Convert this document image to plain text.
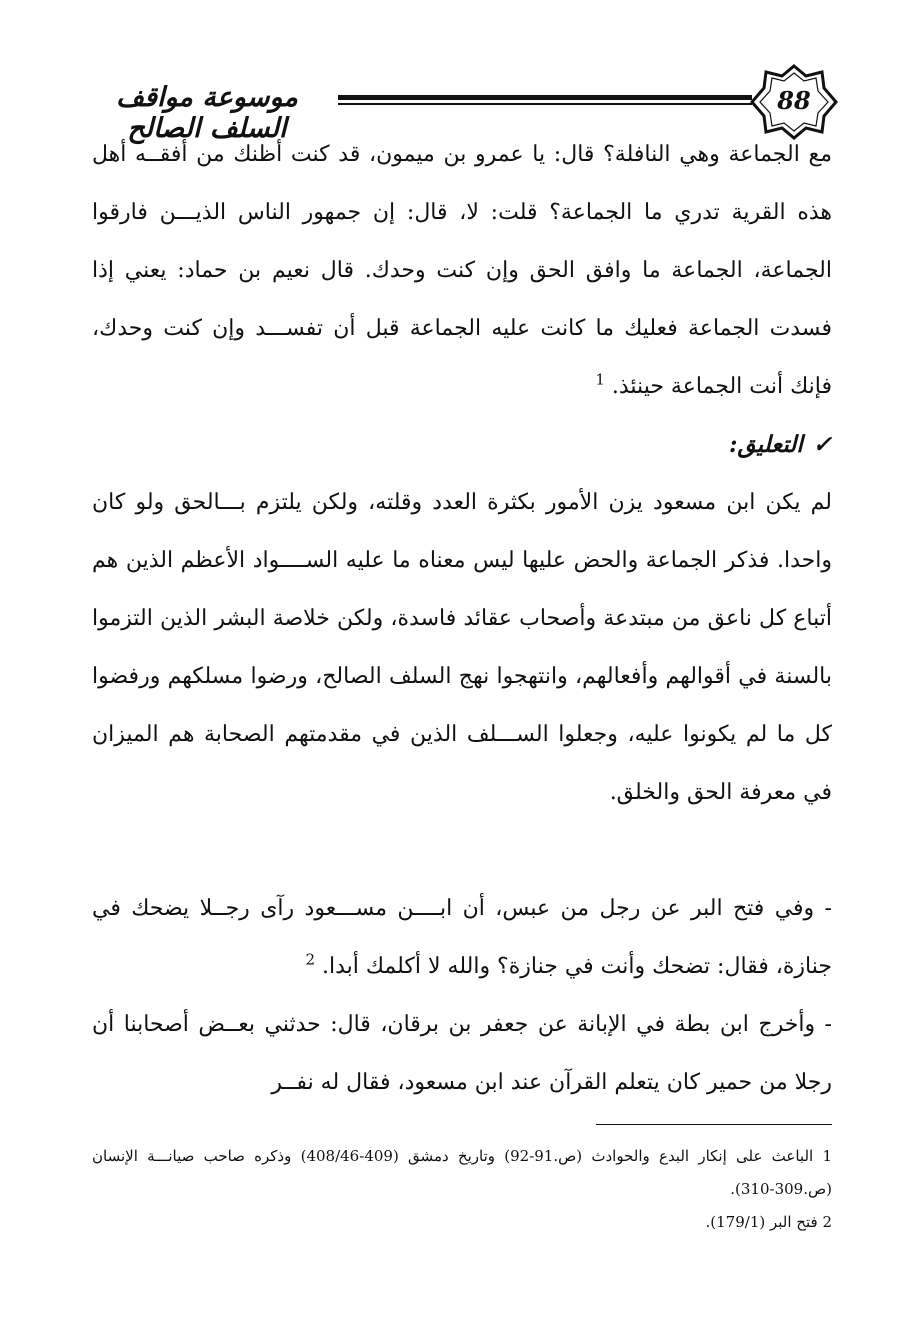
88
موسوعة مواقف السلف الصالح

مع الجماعة وهي النافلة؟ قال: يا عمرو بن ميمون، قد كنت أظنك من أفقــه أهل هذه القرية تدري ما الجماعة؟ قلت: لا، قال: إن جمهور الناس الذيـــن فارقوا الجماعة، الجماعة ما وافق الحق وإن كنت وحدك. قال نعيم بن حماد: يعني إذا فسدت الجماعة فعليك ما كانت عليه الجماعة قبل أن تفســـد وإن كنت وحدك، فإنك أنت الجماعة حينئذ. $^1$

✓التعليق:

لم يكن ابن مسعود يزن الأمور بكثرة العدد وقلته، ولكن يلتزم بـــالحق ولو كان واحدا. فذكر الجماعة والحض عليها ليس معناه ما عليه الســــواد الأعظم الذين هم أتباع كل ناعق من مبتدعة وأصحاب عقائد فاسدة، ولكن خلاصة البشر الذين التزموا بالسنة في أقوالهم وأفعالهم، وانتهجوا نهج السلف الصالح، ورضوا مسلكهم ورفضوا كل ما لم يكونوا عليه، وجعلوا الســـلف الذين في مقدمتهم الصحابة هم الميزان في معرفة الحق والخلق.

- وفي فتح البر عن رجل من عبس، أن ابــــن مســـعود رآى رجــلا يضحك في جنازة، فقال: تضحك وأنت في جنازة؟ والله لا أكلمك أبدا. $^2$

- وأخرج ابن بطة في الإبانة عن جعفر بن برقان، قال: حدثني بعــض أصحابنا أن رجلا من حمير كان يتعلم القرآن عند ابن مسعود، فقال له نفــر

1 الباعث على إنكار البدع والحوادث (ص.91-92) وتاريخ دمشق (409-408/46) وذكره صاحب صيانـــة الإنسان (ص.309-310).

2 فتح البر (179/1).
